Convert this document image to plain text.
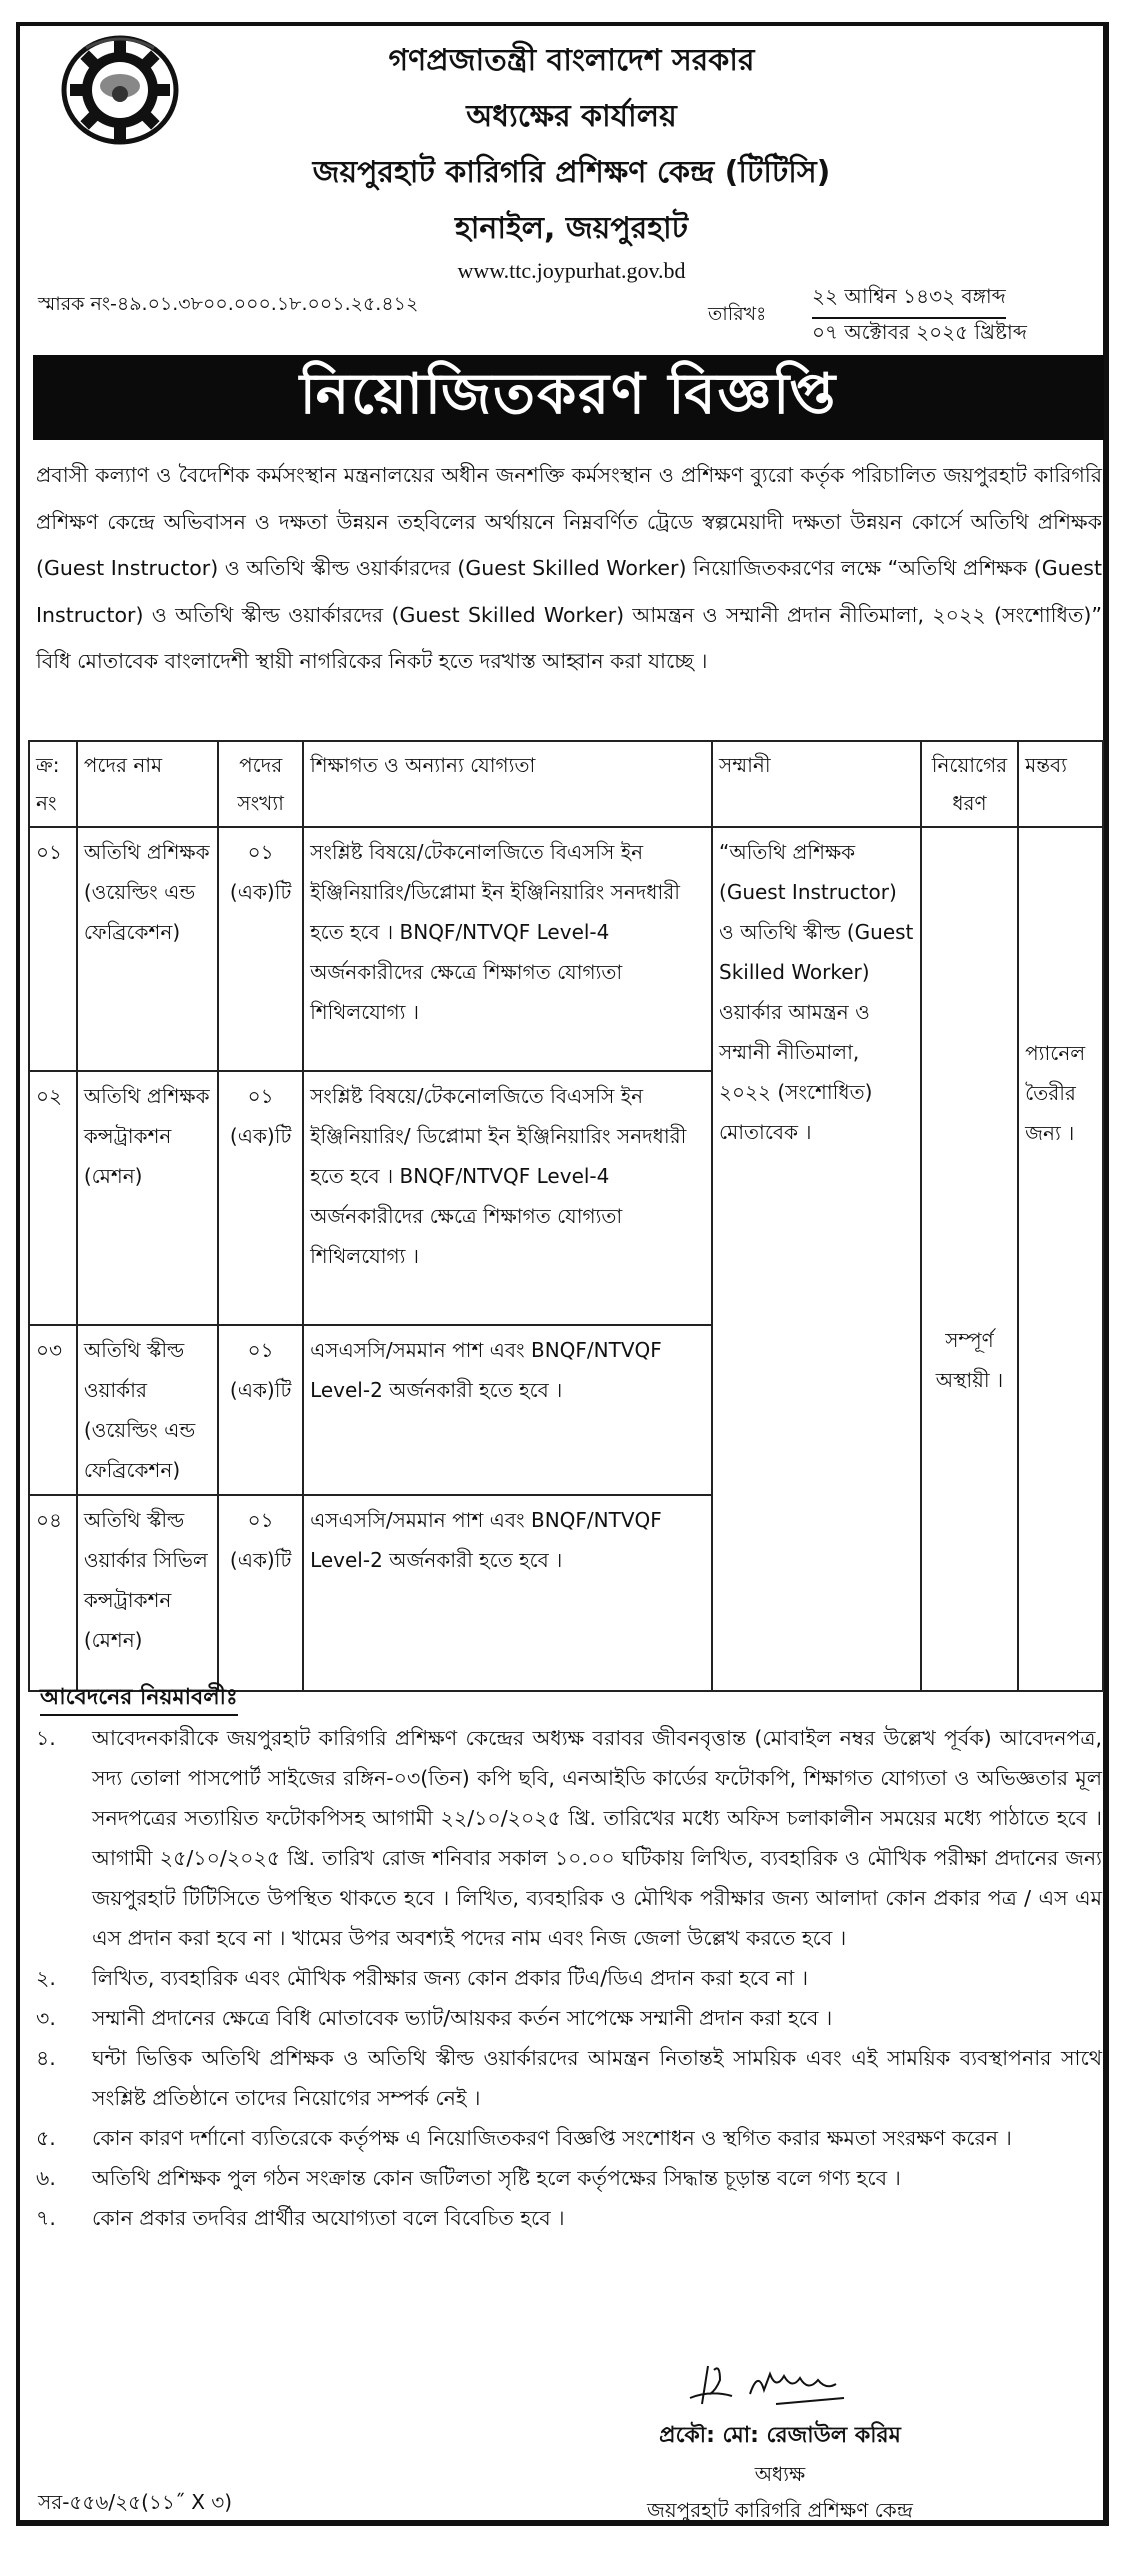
গণপ্রজাতন্ত্রী বাংলাদেশ সরকার
অধ্যক্ষের কার্যালয়
জয়পুরহাট কারিগরি প্রশিক্ষণ কেন্দ্র (টিটিসি)
হানাইল, জয়পুরহাট
www.ttc.joypurhat.gov.bd
স্মারক নং-৪৯.০১.৩৮০০.০০০.১৮.০০১.২৫.৪১২	তারিখঃ
২২ আশ্বিন ১৪৩২ বঙ্গাব্দ
০৭ অক্টোবর ২০২৫ খ্রিষ্টাব্দ
নিয়োজিতকরণ বিজ্ঞপ্তি
প্রবাসী কল্যাণ ও বৈদেশিক কর্মসংস্থান মন্ত্রনালয়ের অধীন জনশক্তি কর্মসংস্থান ও প্রশিক্ষণ ব্যুরো কর্তৃক পরিচালিত জয়পুরহাট কারিগরি প্রশিক্ষণ কেন্দ্রে অভিবাসন ও দক্ষতা উন্নয়ন তহবিলের অর্থায়নে নিম্নবর্ণিত ট্রেডে স্বল্পমেয়াদী দক্ষতা উন্নয়ন কোর্সে অতিথি প্রশিক্ষক (Guest Instructor) ও অতিথি স্কীল্ড ওয়ার্কারদের (Guest Skilled Worker) নিয়োজিতকরণের লক্ষে “অতিথি প্রশিক্ষক (Guest Instructor) ও অতিথি স্কীল্ড ওয়ার্কারদের (Guest Skilled Worker) আমন্ত্রন ও সম্মানী প্রদান নীতিমালা, ২০২২ (সংশোধিত)” বিধি মোতাবেক বাংলাদেশী স্থায়ী নাগরিকের নিকট হতে দরখাস্ত আহ্বান করা যাচ্ছে ।
ক্র: নং	পদের নাম	পদের সংখ্যা	শিক্ষাগত ও অন্যান্য যোগ্যতা	সম্মানী	নিয়োগের ধরণ	মন্তব্য
০১	অতিথি প্রশিক্ষক (ওয়েল্ডিং এন্ড ফেব্রিকেশন)	০১ (এক)টি	সংশ্লিষ্ট বিষয়ে/টেকনোলজিতে বিএসসি ইন ইঞ্জিনিয়ারিং/ডিপ্লোমা ইন ইঞ্জিনিয়ারিং সনদধারী হতে হবে । BNQF/NTVQF Level-4 অর্জনকারীদের ক্ষেত্রে শিক্ষাগত যোগ্যতা শিথিলযোগ্য ।	“অতিথি প্রশিক্ষক (Guest Instructor) ও অতিথি স্কীল্ড (Guest Skilled Worker) ওয়ার্কার আমন্ত্রন ও সম্মানী নীতিমালা, ২০২২ (সংশোধিত) মোতাবেক ।	সম্পূর্ণ অস্থায়ী ।	প্যানেল তৈরীর জন্য ।
০২	অতিথি প্রশিক্ষক কন্সট্রাকশন (মেশন)	০১ (এক)টি	সংশ্লিষ্ট বিষয়ে/টেকনোলজিতে বিএসসি ইন ইঞ্জিনিয়ারিং/ ডিপ্লোমা ইন ইঞ্জিনিয়ারিং সনদধারী হতে হবে । BNQF/NTVQF Level-4 অর্জনকারীদের ক্ষেত্রে শিক্ষাগত যোগ্যতা শিথিলযোগ্য ।			
০৩	অতিথি স্কীল্ড ওয়ার্কার (ওয়েল্ডিং এন্ড ফেব্রিকেশন)	০১ (এক)টি	এসএসসি/সমমান পাশ এবং BNQF/NTVQF Level-2 অর্জনকারী হতে হবে ।			
০৪	অতিথি স্কীল্ড ওয়ার্কার সিভিল কন্সট্রাকশন (মেশন)	০১ (এক)টি	এসএসসি/সমমান পাশ এবং BNQF/NTVQF Level-2 অর্জনকারী হতে হবে ।			
আবেদনের নিয়মাবলীঃ
১.	আবেদনকারীকে জয়পুরহাট কারিগরি প্রশিক্ষণ কেন্দ্রের অধ্যক্ষ বরাবর জীবনবৃত্তান্ত (মোবাইল নম্বর উল্লেখ পূর্বক) আবেদনপত্র, সদ্য তোলা পাসপোর্ট সাইজের রঙ্গিন-০৩(তিন) কপি ছবি, এনআইডি কার্ডের ফটোকপি, শিক্ষাগত যোগ্যতা ও অভিজ্ঞতার মূল সনদপত্রের সত্যায়িত ফটোকপিসহ আগামী ২২/১০/২০২৫ খ্রি. তারিখের মধ্যে অফিস চলাকালীন সময়ের মধ্যে পাঠাতে হবে । আগামী ২৫/১০/২০২৫ খ্রি. তারিখ রোজ শনিবার সকাল ১০.০০ ঘটিকায় লিখিত, ব্যবহারিক ও মৌখিক পরীক্ষা প্রদানের জন্য জয়পুরহাট টিটিসিতে উপস্থিত থাকতে হবে । লিখিত, ব্যবহারিক ও মৌখিক পরীক্ষার জন্য আলাদা কোন প্রকার পত্র / এস এম এস প্রদান করা হবে না । খামের উপর অবশ্যই পদের নাম এবং নিজ জেলা উল্লেখ করতে হবে ।
২.	লিখিত, ব্যবহারিক এবং মৌখিক পরীক্ষার জন্য কোন প্রকার টিএ/ডিএ প্রদান করা হবে না ।
৩.	সম্মানী প্রদানের ক্ষেত্রে বিধি মোতাবেক ভ্যাট/আয়কর কর্তন সাপেক্ষে সম্মানী প্রদান করা হবে ।
৪.	ঘন্টা ভিত্তিক অতিথি প্রশিক্ষক ও অতিথি স্কীল্ড ওয়ার্কারদের আমন্ত্রন নিতান্তই সাময়িক এবং এই সাময়িক ব্যবস্থাপনার সাথে সংশ্লিষ্ট প্রতিষ্ঠানে তাদের নিয়োগের সম্পর্ক নেই ।
৫.	কোন কারণ দর্শানো ব্যতিরেকে কর্তৃপক্ষ এ নিয়োজিতকরণ বিজ্ঞপ্তি সংশোধন ও স্থগিত করার ক্ষমতা সংরক্ষণ করেন ।
৬.	অতিথি প্রশিক্ষক পুল গঠন সংক্রান্ত কোন জটিলতা সৃষ্টি হলে কর্তৃপক্ষের সিদ্ধান্ত চূড়ান্ত বলে গণ্য হবে ।
৭.	কোন প্রকার তদবির প্রার্থীর অযোগ্যতা বলে বিবেচিত হবে ।
প্রকৌ: মো: রেজাউল করিম
অধ্যক্ষ
জয়পুরহাট কারিগরি প্রশিক্ষণ কেন্দ্র
সর-৫৫৬/২৫(১১˝ X ৩)
